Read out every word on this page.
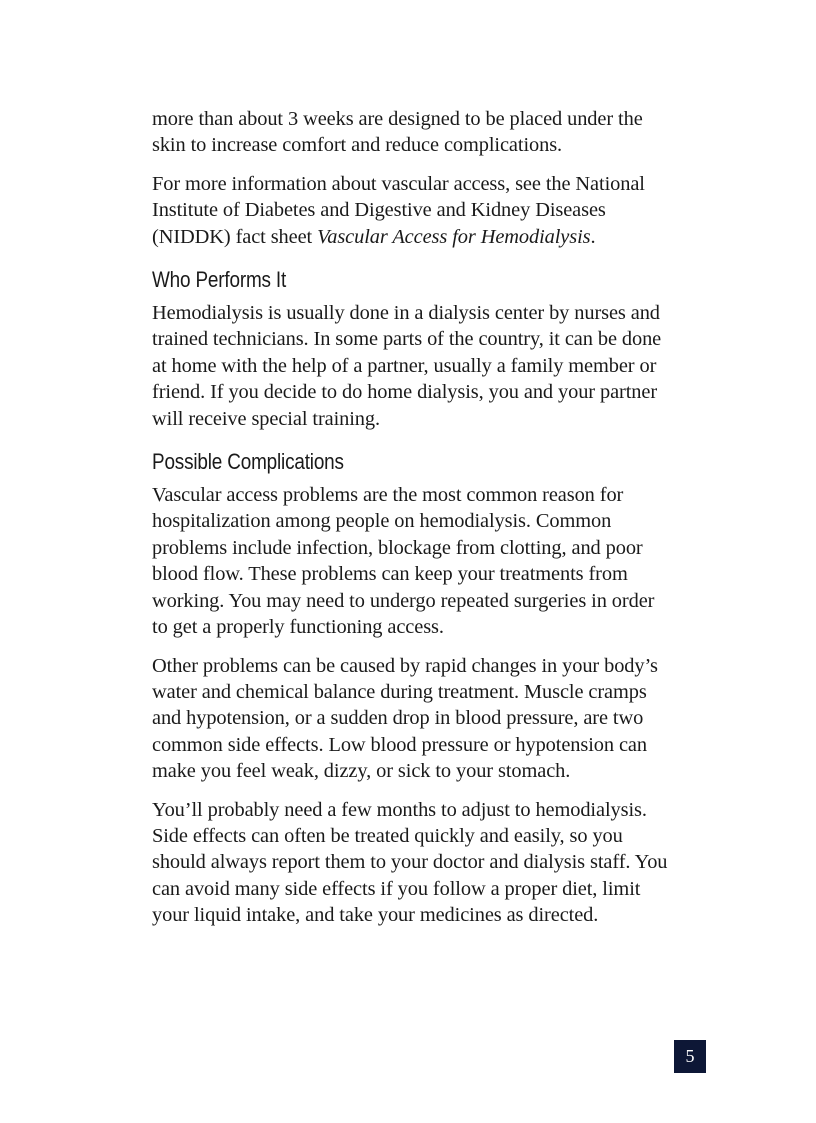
more than about 3 weeks are designed to be placed under the skin to increase comfort and reduce complications.

For more information about vascular access, see the National Institute of Diabetes and Digestive and Kidney Diseases (NIDDK) fact sheet Vascular Access for Hemodialysis.

Who Performs It

Hemodialysis is usually done in a dialysis center by nurses and trained technicians. In some parts of the country, it can be done at home with the help of a partner, usually a family member or friend. If you decide to do home dialysis, you and your partner will receive special training.

Possible Complications

Vascular access problems are the most common reason for hospitalization among people on hemodialysis. Common problems include infection, blockage from clotting, and poor blood flow. These problems can keep your treatments from working. You may need to undergo repeated surgeries in order to get a properly functioning access.

Other problems can be caused by rapid changes in your body’s water and chemical balance during treatment. Muscle cramps and hypotension, or a sudden drop in blood pressure, are two common side effects. Low blood pressure or hypotension can make you feel weak, dizzy, or sick to your stomach.

You’ll probably need a few months to adjust to hemodialysis. Side effects can often be treated quickly and easily, so you should always report them to your doctor and dialysis staff. You can avoid many side effects if you follow a proper diet, limit your liquid intake, and take your medicines as directed.

5
